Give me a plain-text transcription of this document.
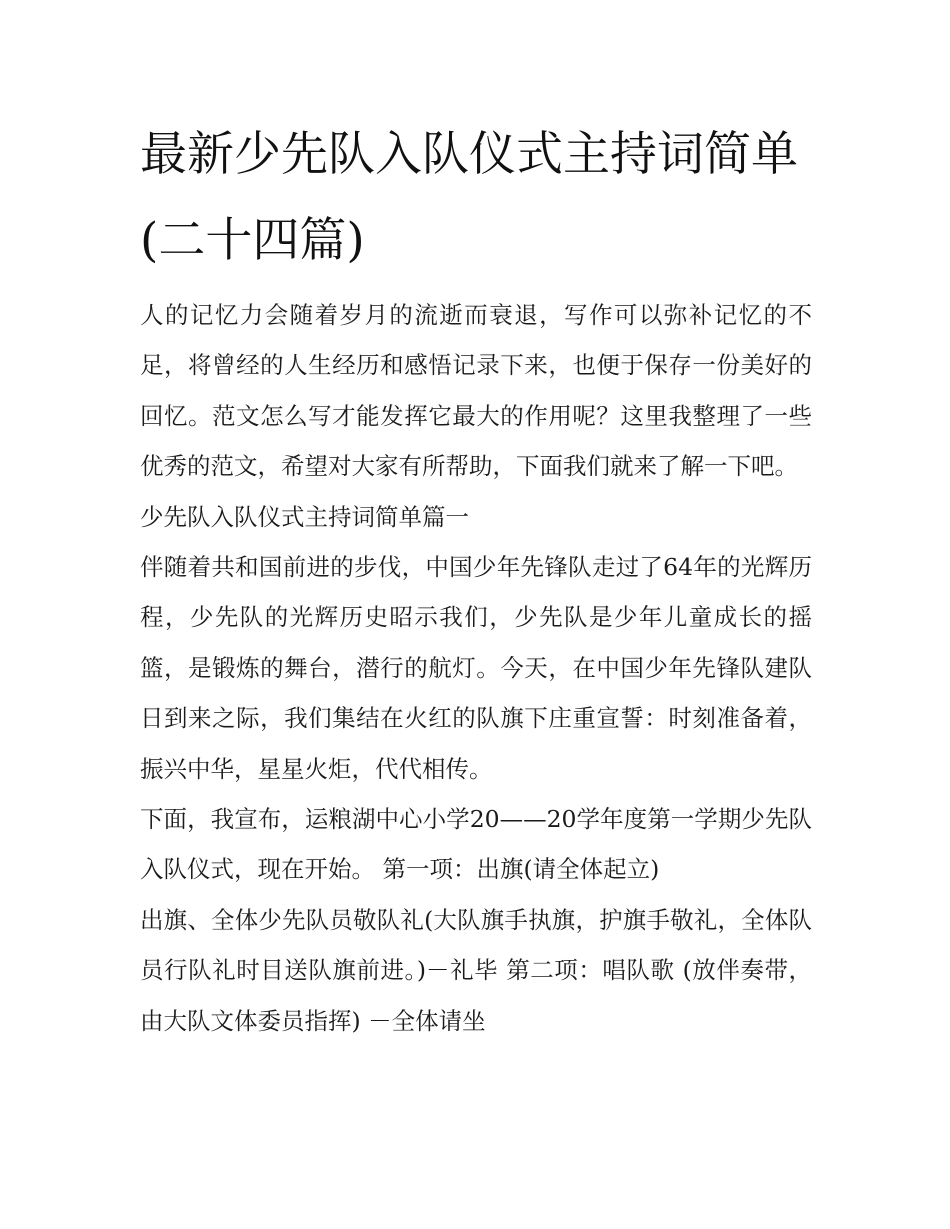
最新少先队入队仪式主持词简单(二十四篇)

人的记忆力会随着岁月的流逝而衰退，写作可以弥补记忆的不足，将曾经的人生经历和感悟记录下来，也便于保存一份美好的回忆。范文怎么写才能发挥它最大的作用呢？这里我整理了一些优秀的范文，希望对大家有所帮助，下面我们就来了解一下吧。

少先队入队仪式主持词简单篇一

伴随着共和国前进的步伐，中国少年先锋队走过了64年的光辉历程，少先队的光辉历史昭示我们，少先队是少年儿童成长的摇篮，是锻炼的舞台，潜行的航灯。今天，在中国少年先锋队建队日到来之际，我们集结在火红的队旗下庄重宣誓：时刻准备着，振兴中华，星星火炬，代代相传。

下面，我宣布，运粮湖中心小学20——20学年度第一学期少先队入队仪式，现在开始。 第一项：出旗(请全体起立)

出旗、全体少先队员敬队礼(大队旗手执旗，护旗手敬礼，全体队员行队礼时目送队旗前进。)－礼毕 第二项：唱队歌 (放伴奏带，由大队文体委员指挥) －全体请坐
